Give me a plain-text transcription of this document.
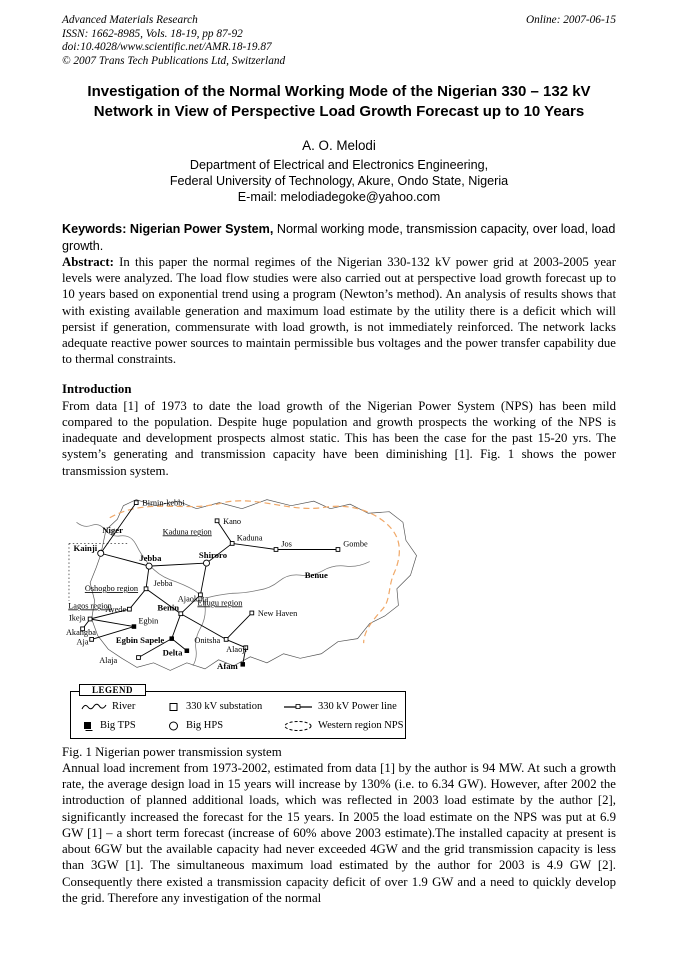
Advanced Materials Research
ISSN: 1662-8985, Vols. 18-19, pp 87-92
doi:10.4028/www.scientific.net/AMR.18-19.87
© 2007 Trans Tech Publications Ltd, Switzerland
Online: 2007-06-15
Investigation of the Normal Working Mode of the Nigerian 330 – 132 kV Network in View of Perspective Load Growth Forecast up to 10 Years
A. O. Melodi
Department of Electrical and Electronics Engineering,
Federal University of Technology, Akure, Ondo State, Nigeria
E-mail: melodiadegoke@yahoo.com

Keywords: Nigerian Power System, Normal working mode, transmission capacity, over load, load growth.

Abstract: In this paper the normal regimes of the Nigerian 330-132 kV power grid at 2003-2005 year levels were analyzed. The load flow studies were also carried out at perspective load growth forecast up to 10 years based on exponential trend using a program (Newton’s method). An analysis of results shows that with existing available generation and maximum load estimate by the utility there is a deficit which will persist if generation, commensurate with load growth, is not immediately reinforced. The network lacks adequate reactive power sources to maintain permissible bus voltages and the power transfer capability due to thermal constraints.

Introduction

From data [1] of 1973 to date the load growth of the Nigerian Power System (NPS) has been mild compared to the population. Despite huge population and growth prospects the working of the NPS is inadequate and development prospects almost static. This has been the case for the past 15-20 yrs. The system’s generating and transmission capacity have been diminishing [1]. Fig. 1 shows the power transmission system.

Birnin-kebbi
Kano
Niger	Kaduna region
Kaduna
Jos	Gombe
Kainji
Jebba	Shiroro
Benue
Oshogbo region
Jebba
Ajaokuta
Lagos region
Ayede	Benin Enugu region
New Haven
Ikeja	Egbin
Akangba
Aja Egbin Sapele	Onitsha
Alaoji
Delta
Alaja
Afam
LEGEND
River	330 kV substation	330 kV Power line
Big TPS	Big HPS	Western region NPS
Fig. 1 Nigerian power transmission system

Annual load increment from 1973-2002, estimated from data [1] by the author is 94 MW. At such a growth rate, the average design load in 15 years will increase by 130% (i.e. to 6.34 GW). However, after 2002 the introduction of planned additional loads, which was reflected in 2003 load estimate by the author [2], significantly increased the forecast for the 15 years. In 2005 the load estimate on the NPS was put at 6.9 GW [1] – a short term forecast (increase of 60% above 2003 estimate).The installed capacity at present is about 6GW but the available capacity had never exceeded 4GW and the grid transmission capacity is less than 3GW [1]. The simultaneous maximum load estimated by the author for 2003 is 4.9 GW [2]. Consequently there existed a transmission capacity deficit of over 1.9 GW and a need to quickly develop the grid. Therefore any investigation of the normal
